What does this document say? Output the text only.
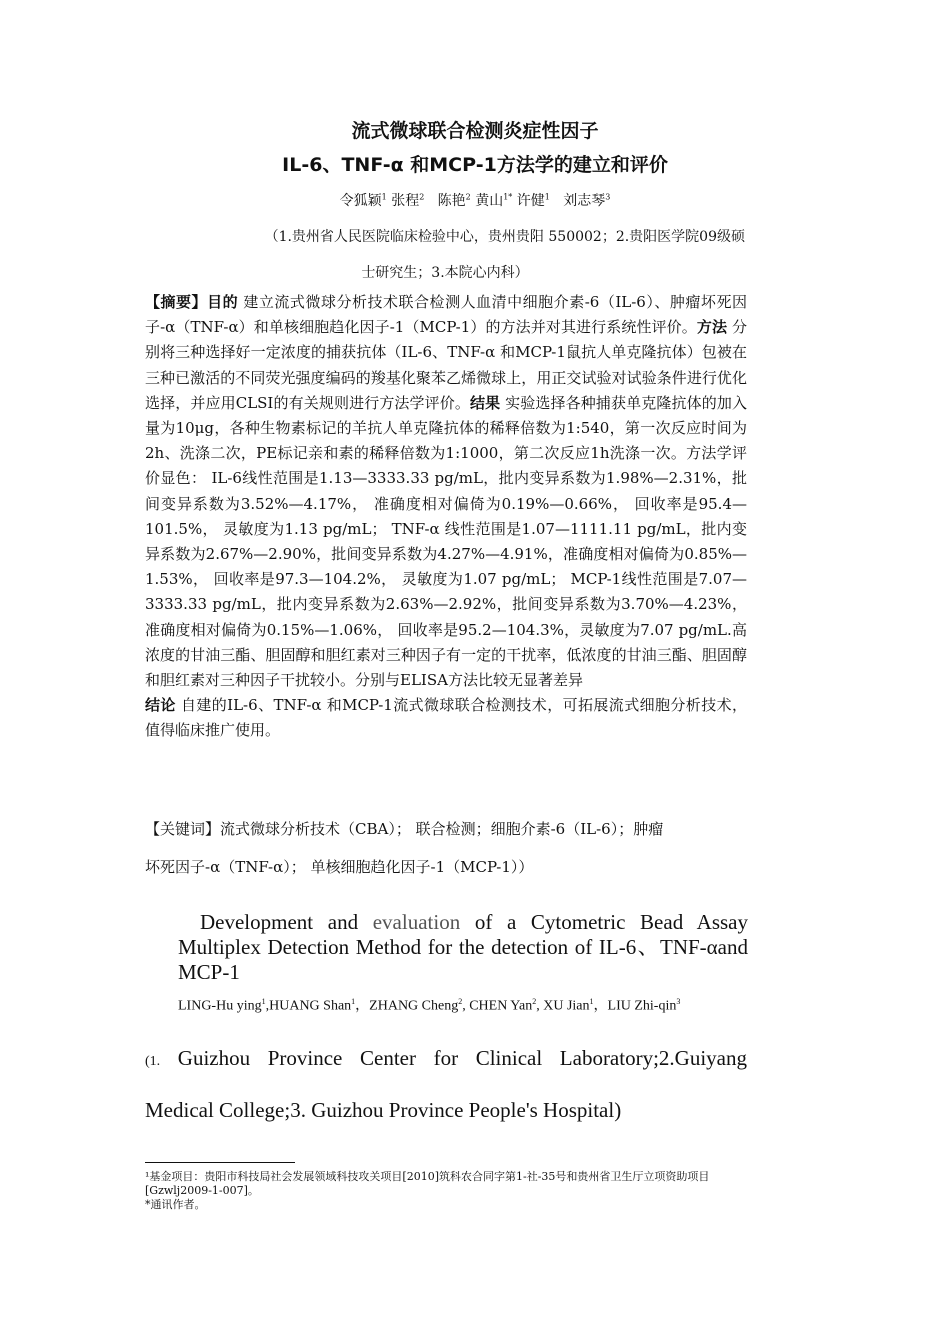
流式微球联合检测炎症性因子
IL-6、TNF-α 和MCP-1方法学的建立和评价
令狐颖$^1$ 张程$^2$ 陈艳$^2$ 黄山$^{1*}$ 许健$^1$ 刘志琴$^3$
（1.贵州省人民医院临床检验中心，贵州贵阳 550002；2.贵阳医学院09级硕
士研究生；3.本院心内科）
【摘要】目的 建立流式微球分析技术联合检测人血清中细胞介素-6（IL-6）、肿瘤坏死因子-α（TNF-α）和单核细胞趋化因子-1（MCP-1）的方法并对其进行系统性评价。方法 分别将三种选择好一定浓度的捕获抗体（IL-6、TNF-α 和MCP-1鼠抗人单克隆抗体）包被在三种已激活的不同荧光强度编码的羧基化聚苯乙烯微球上，用正交试验对试验条件进行优化选择，并应用CLSI的有关规则进行方法学评价。结果 实验选择各种捕获单克隆抗体的加入量为10μg，各种生物素标记的羊抗人单克隆抗体的稀释倍数为1:540，第一次反应时间为2h、洗涤二次，PE标记亲和素的稀释倍数为1:1000，第二次反应1h洗涤一次。方法学评价显色： IL-6线性范围是1.13—3333.33 pg/mL，批内变异系数为1.98%—2.31%，批间变异系数为3.52%—4.17%， 准确度相对偏倚为0.19%—0.66%， 回收率是95.4—101.5%， 灵敏度为1.13 pg/mL； TNF-α 线性范围是1.07—1111.11 pg/mL，批内变异系数为2.67%—2.90%，批间变异系数为4.27%—4.91%，准确度相对偏倚为0.85%—1.53%， 回收率是97.3—104.2%， 灵敏度为1.07 pg/mL； MCP-1线性范围是7.07—3333.33 pg/mL，批内变异系数为2.63%—2.92%，批间变异系数为3.70%—4.23%，准确度相对偏倚为0.15%—1.06%， 回收率是95.2—104.3%，灵敏度为7.07 pg/mL.高浓度的甘油三酯、胆固醇和胆红素对三种因子有一定的干扰率，低浓度的甘油三酯、胆固醇和胆红素对三种因子干扰较小。分别与ELISA方法比较无显著差异
结论 自建的IL-6、TNF-α 和MCP-1流式微球联合检测技术，可拓展流式细胞分析技术，值得临床推广使用。
【关键词】流式微球分析技术（CBA）； 联合检测；细胞介素-6（IL-6）；肿瘤
坏死因子-α（TNF-α）； 单核细胞趋化因子-1（MCP-1））
Development and evaluation of a Cytometric Bead Assay Multiplex Detection Method for the detection of IL-6、TNF-αand MCP-1
LING-Hu ying$^1$,HUANG Shan$^1$，ZHANG Cheng$^2$, CHEN Yan$^2$, XU Jian$^1$，LIU Zhi-qin$^3$
(1. Guizhou Province Center for Clinical Laboratory;2.Guiyang
Medical College;3. Guizhou Province People's Hospital)
¹基金项目：贵阳市科技局社会发展领域科技攻关项目[2010]筑科农合同字第1-社-35号和贵州省卫生厅立项资助项目[Gzwlj2009-1-007]。
*通讯作者。
